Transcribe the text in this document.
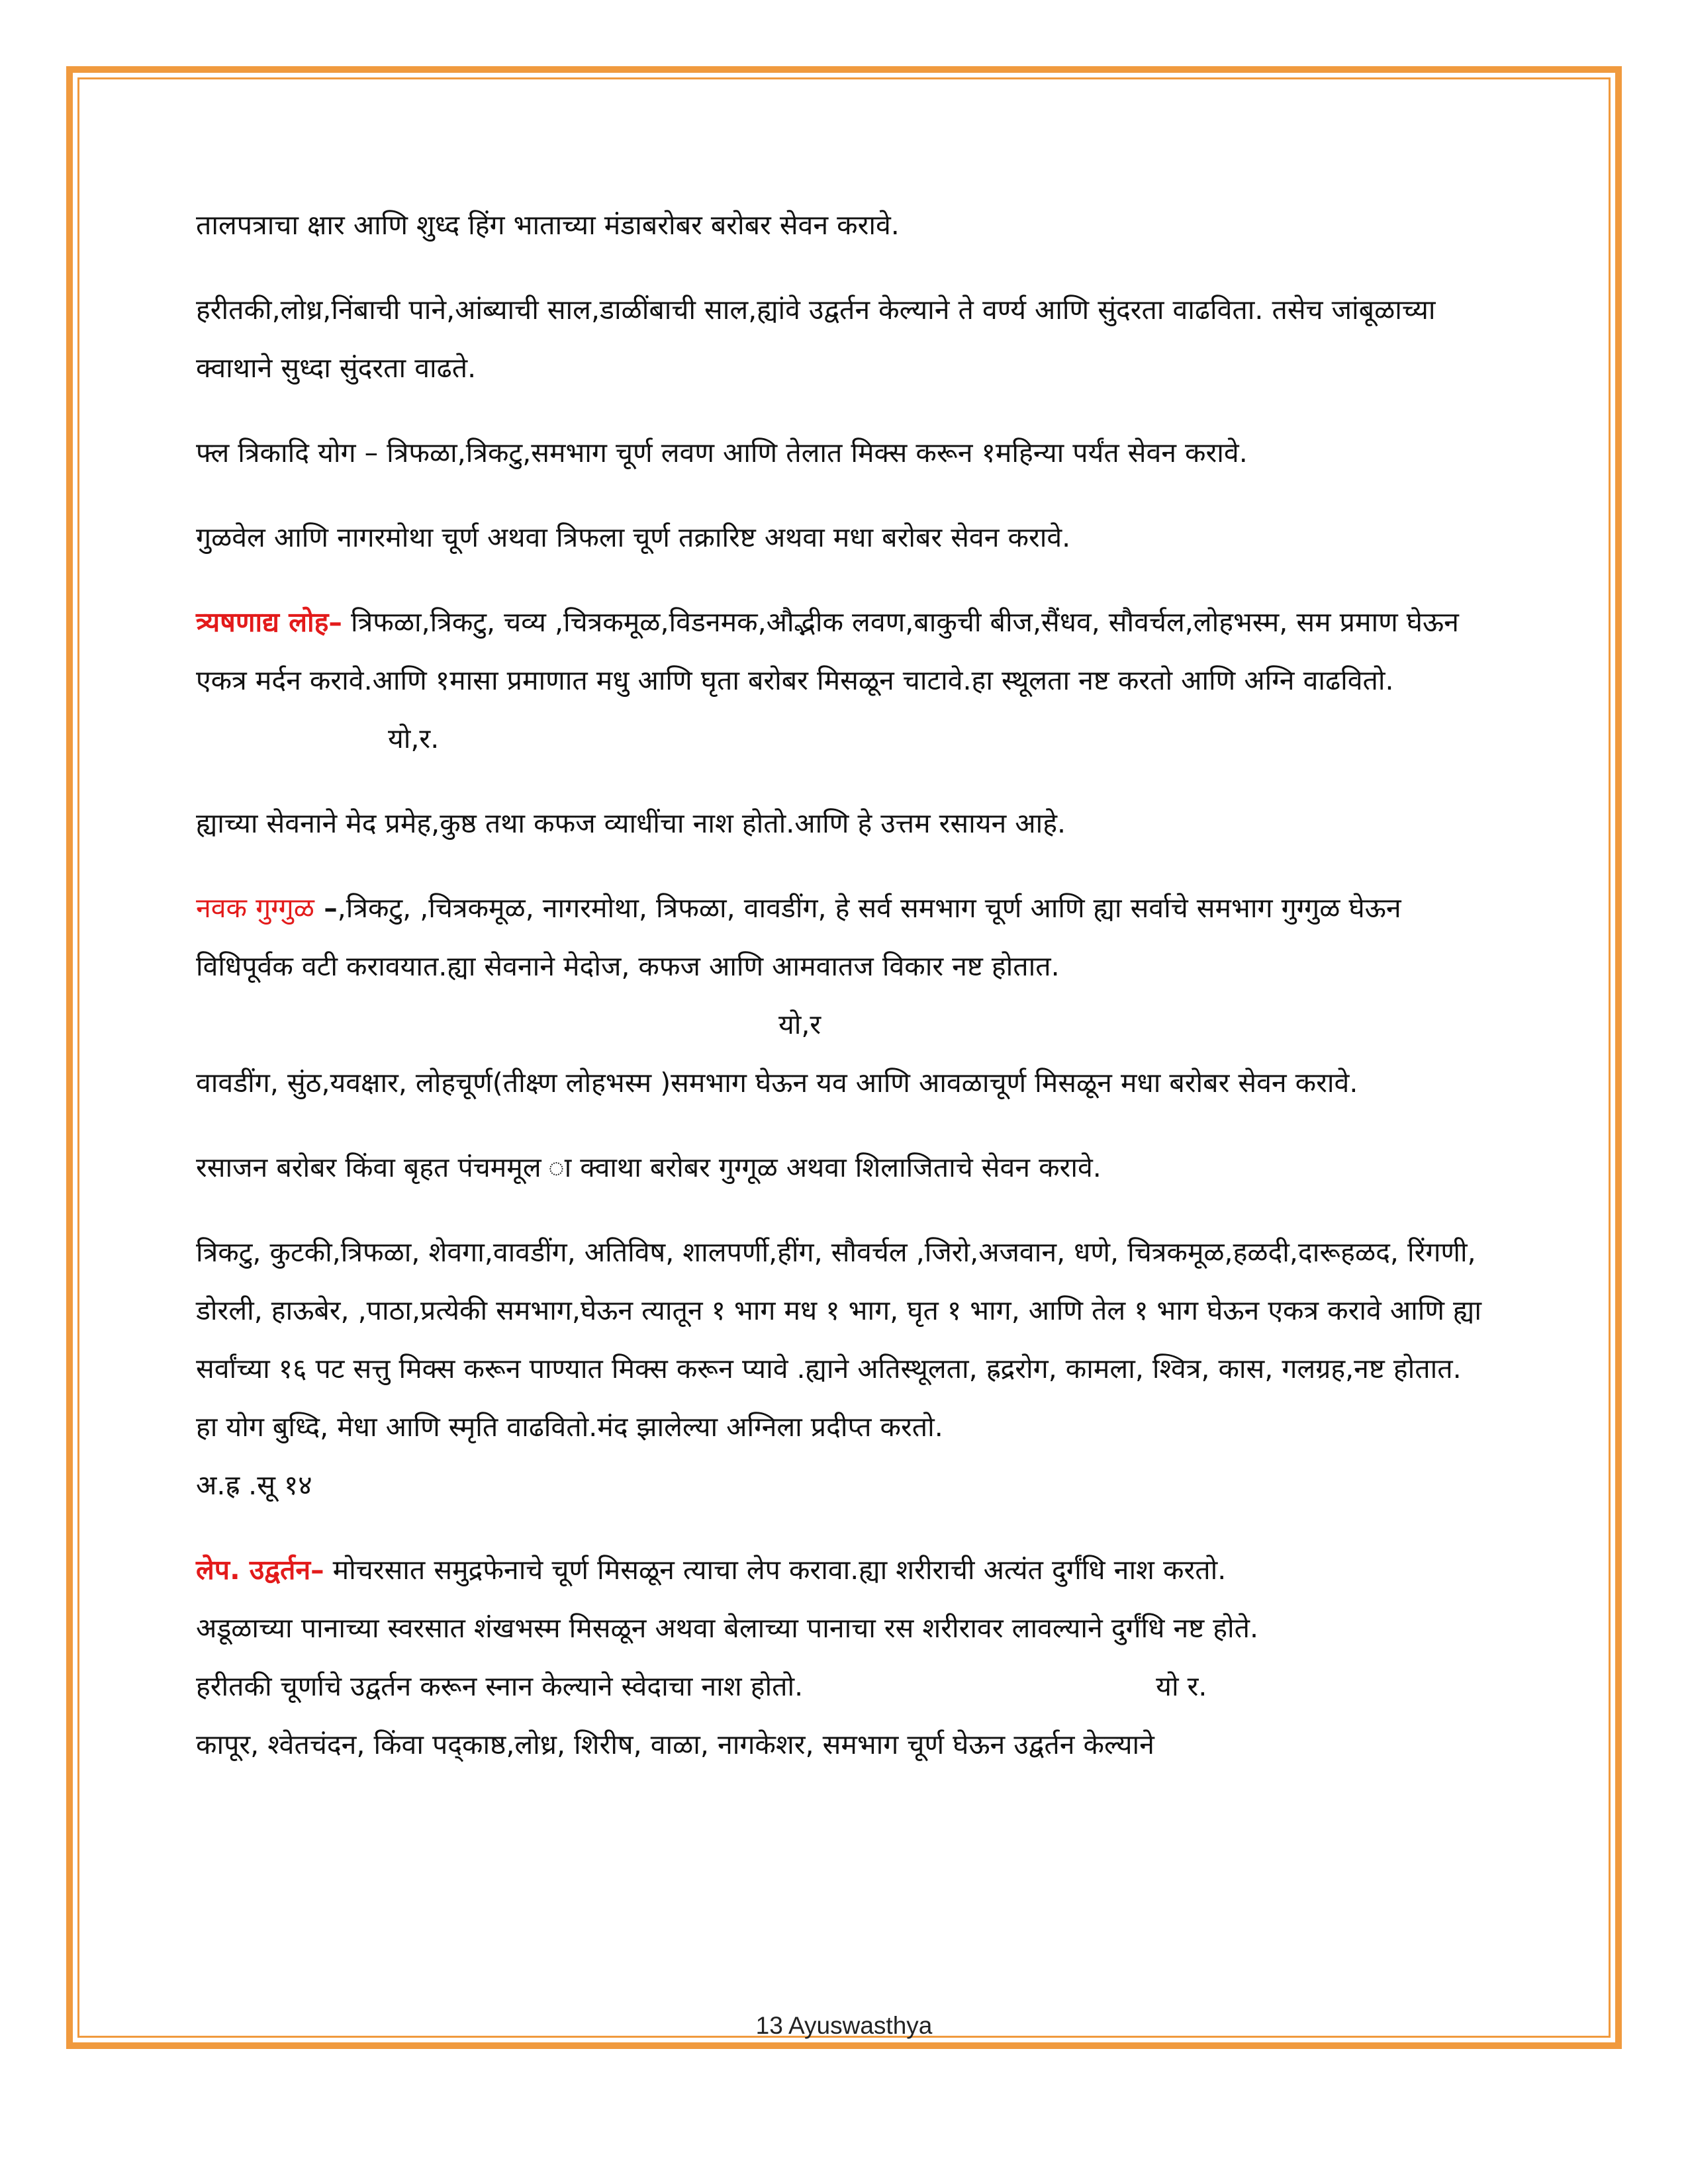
तालपत्राचा क्षार आणि शुध्द हिंग भाताच्या मंडाबरोबर बरोबर सेवन करावे.

हरीतकी,लोध्र,निंबाची पाने,आंब्याची साल,डाळींबाची साल,ह्यांवे उद्वर्तन केल्याने ते वर्ण्य आणि सुंदरता वाढविता. तसेच जांबूळाच्या क्वाथाने सुध्दा सुंदरता वाढते.

फ्ल त्रिकादि योग – त्रिफळा,त्रिकटु,समभाग चूर्ण लवण आणि तेलात मिक्स करून १महिन्या पर्यंत सेवन करावे.

गुळवेल आणि नागरमोथा चूर्ण अथवा त्रिफला चूर्ण तक्रारिष्ट अथवा मधा बरोबर सेवन करावे.

त्र्यषणाद्य लोह– त्रिफळा,त्रिकटु, चव्य ,चित्रकमूळ,विडनमक,औद्भीक लवण,बाकुची बीज,सैंधव, सौवर्चल,लोहभस्म, सम प्रमाण घेऊन एकत्र मर्दन करावे.आणि १मासा प्रमाणात मधु आणि घृता बरोबर मिसळून चाटावे.हा स्थूलता नष्ट करतो आणि अग्नि वाढवितो. यो,र.

ह्याच्या सेवनाने मेद प्रमेह,कुष्ठ तथा कफज व्याधींचा नाश होतो.आणि हे उत्तम रसायन आहे.

नवक गुग्गुळ –,त्रिकटु, ,चित्रकमूळ, नागरमोथा, त्रिफळा, वावडींग, हे सर्व समभाग चूर्ण आणि ह्या सर्वाचे समभाग गुग्गुळ घेऊन विधिपूर्वक वटी करावयात.ह्या सेवनाने मेदोज, कफज आणि आमवातज विकार नष्ट होतात. यो,र

वावडींग, सुंठ,यवक्षार, लोहचूर्ण(तीक्ष्ण लोहभस्म )समभाग घेऊन यव आणि आवळाचूर्ण मिसळून मधा बरोबर सेवन करावे.

रसाजन बरोबर किंवा बृहत पंचममूल ा क्वाथा बरोबर गुग्गूळ अथवा शिलाजिताचे सेवन करावे.

त्रिकटु, कुटकी,त्रिफळा, शेवगा,वावडींग, अतिविष, शालपर्णी,हींग, सौवर्चल ,जिरो,अजवान, धणे, चित्रकमूळ,हळदी,दारूहळद, रिंगणी, डोरली, हाऊबेर, ,पाठा,प्रत्येकी समभाग,घेऊन त्यातून १ भाग मध १ भाग, घृत १ भाग, आणि तेल १ भाग घेऊन एकत्र करावे आणि ह्या सर्वांच्या १६ पट सत्तु मिक्स करून पाण्यात मिक्स करून प्यावे .ह्याने अतिस्थूलता, ह्रद्ररोग, कामला, श्वित्र, कास, गलग्रह,नष्ट होतात. हा योग बुध्दि, मेधा आणि स्मृति वाढवितो.मंद झालेल्या अग्निला प्रदीप्त करतो.

अ.ह्र .सू १४

लेप. उद्वर्तन– मोचरसात समुद्रफेनाचे चूर्ण मिसळून त्याचा लेप करावा.ह्या शरीराची अत्यंत दुर्गंधि नाश करतो.

अडूळाच्या पानाच्या स्वरसात शंखभस्म मिसळून अथवा बेलाच्या पानाचा रस शरीरावर लावल्याने दुर्गंधि नष्ट होते.

हरीतकी चूर्णाचे उद्वर्तन करून स्नान केल्याने स्वेदाचा नाश होतो.	यो र.

कापूर, श्वेतचंदन, किंवा पद्काष्ठ,लोध्र, शिरीष, वाळा, नागकेशर, समभाग चूर्ण घेऊन उद्वर्तन केल्याने

13 Ayuswasthya
